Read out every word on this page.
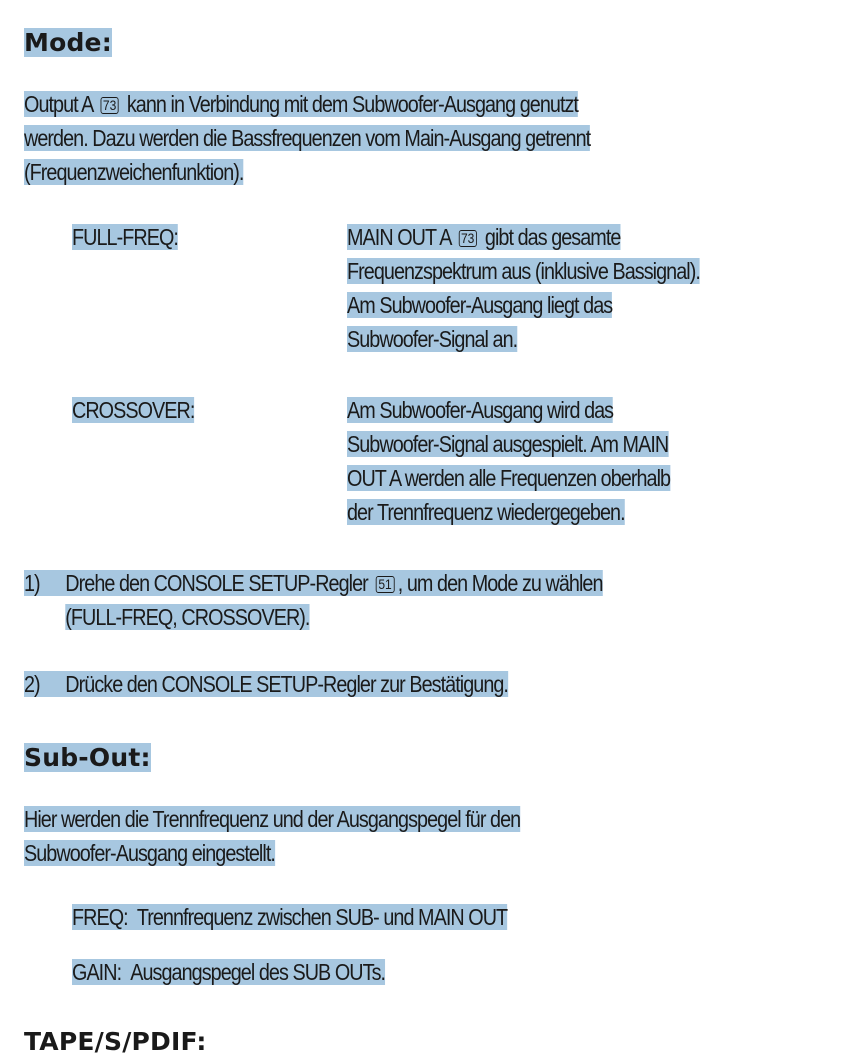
Mode:
Output A 73 kann in Verbindung mit dem Subwoofer-Ausgang genutzt
werden. Dazu werden die Bassfrequenzen vom Main-Ausgang getrennt
(Frequenzweichenfunktion).
FULL-FREQ:	MAIN OUT A 73 gibt das gesamte
Frequenzspektrum aus (inklusive Bassignal).
Am Subwoofer-Ausgang liegt das
Subwoofer-Signal an.
CROSSOVER:	Am Subwoofer-Ausgang wird das
Subwoofer-Signal ausgespielt. Am MAIN
OUT A werden alle Frequenzen oberhalb
der Trennfrequenz wiedergegeben.
1) Drehe den CONSOLE SETUP-Regler 51 , um den Mode zu wählen
(FULL-FREQ, CROSSOVER).
2) Drücke den CONSOLE SETUP-Regler zur Bestätigung.
Sub-Out:
Hier werden die Trennfrequenz und der Ausgangspegel für den
Subwoofer-Ausgang eingestellt.
FREQ: Trennfrequenz zwischen SUB- und MAIN OUT
GAIN: Ausgangspegel des SUB OUTs.
TAPE/S/PDIF:
